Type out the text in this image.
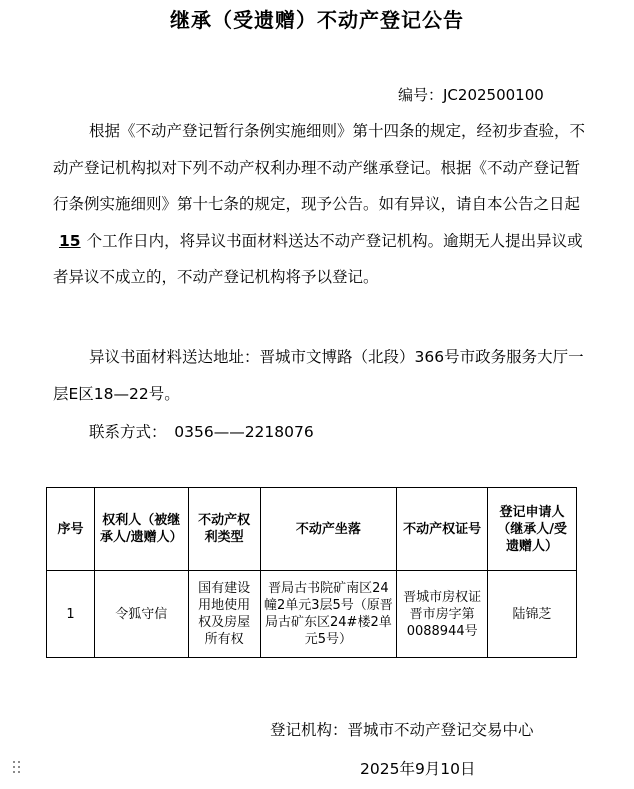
继承（受遗赠）不动产登记公告
编号：JC202500100
根据《不动产登记暂行条例实施细则》第十四条的规定，经初步查验，不动产登记机构拟对下列不动产权利办理不动产继承登记。根据《不动产登记暂行条例实施细则》第十七条的规定，现予公告。如有异议，请自本公告之日起15 个工作日内，将异议书面材料送达不动产登记机构。逾期无人提出异议或者异议不成立的，不动产登记机构将予以登记。
异议书面材料送达地址：晋城市文博路（北段）366号市政务服务大厅一层E区18—22号。
联系方式：　0356——2218076
序号	权利人（被继承人/遗赠人）	不动产权利类型	不动产坐落	不动产权证号	登记申请人（继承人/受遗赠人）
1	令狐守信	国有建设用地使用权及房屋所有权	晋局古书院矿南区24幢2单元3层5号（原晋局古矿东区24#楼2单元5号）	晋城市房权证晋市房字第0088944号	陆锦芝
登记机构：晋城市不动产登记交易中心
2025年9月10日
